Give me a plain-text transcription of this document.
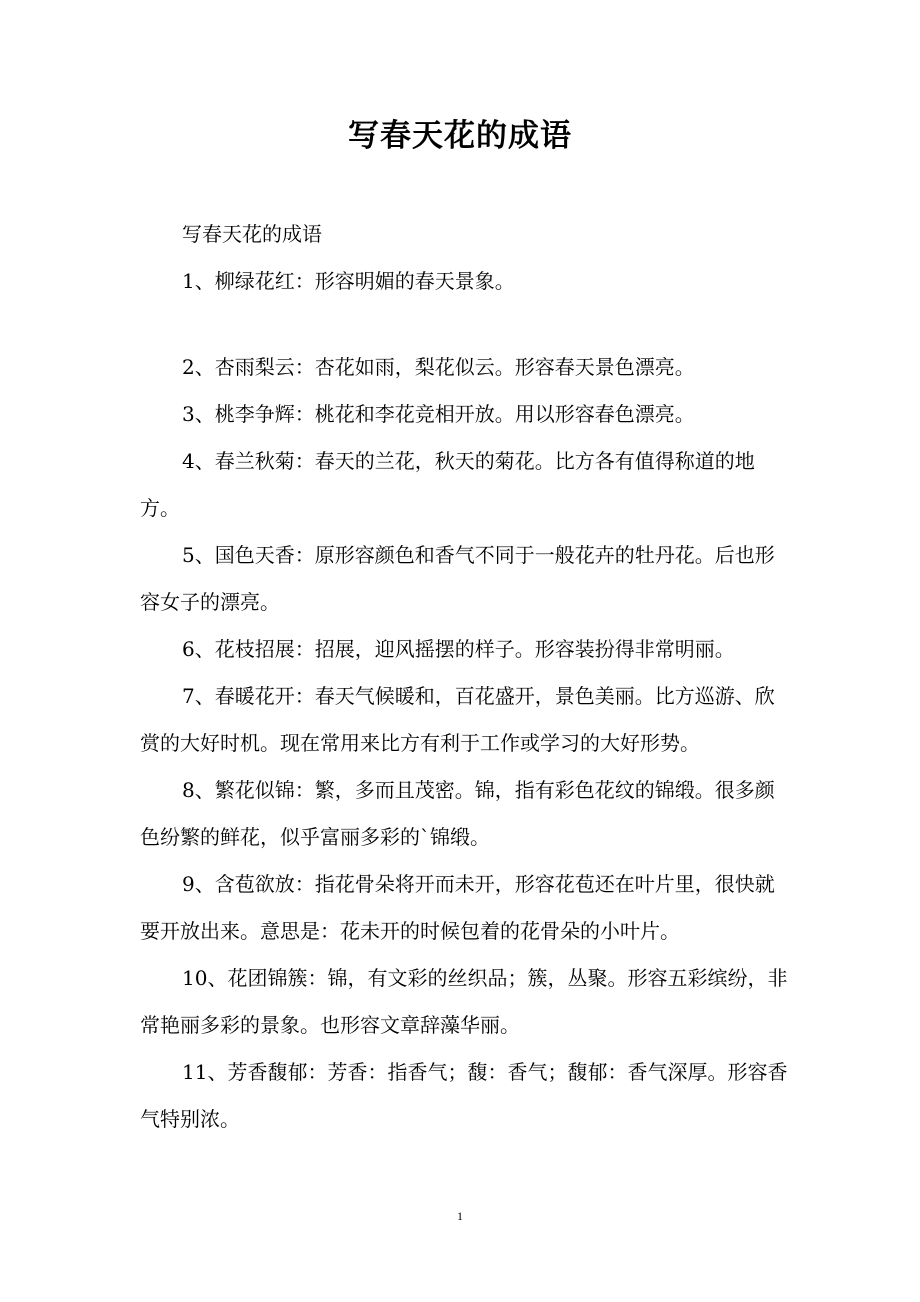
写春天花的成语

写春天花的成语

1、柳绿花红：形容明媚的春天景象。

2、杏雨梨云：杏花如雨，梨花似云。形容春天景色漂亮。

3、桃李争辉：桃花和李花竞相开放。用以形容春色漂亮。

4、春兰秋菊：春天的兰花，秋天的菊花。比方各有值得称道的地方。

5、国色天香：原形容颜色和香气不同于一般花卉的牡丹花。后也形容女子的漂亮。

6、花枝招展：招展，迎风摇摆的样子。形容装扮得非常明丽。

7、春暖花开：春天气候暖和，百花盛开，景色美丽。比方巡游、欣赏的大好时机。现在常用来比方有利于工作或学习的大好形势。

8、繁花似锦：繁，多而且茂密。锦，指有彩色花纹的锦缎。很多颜色纷繁的鲜花，似乎富丽多彩的`锦缎。

9、含苞欲放：指花骨朵将开而未开，形容花苞还在叶片里，很快就要开放出来。意思是：花未开的时候包着的花骨朵的小叶片。

10、花团锦簇：锦，有文彩的丝织品；簇，丛聚。形容五彩缤纷，非常艳丽多彩的景象。也形容文章辞藻华丽。

11、芳香馥郁：芳香：指香气；馥：香气；馥郁：香气深厚。形容香气特别浓。

1
